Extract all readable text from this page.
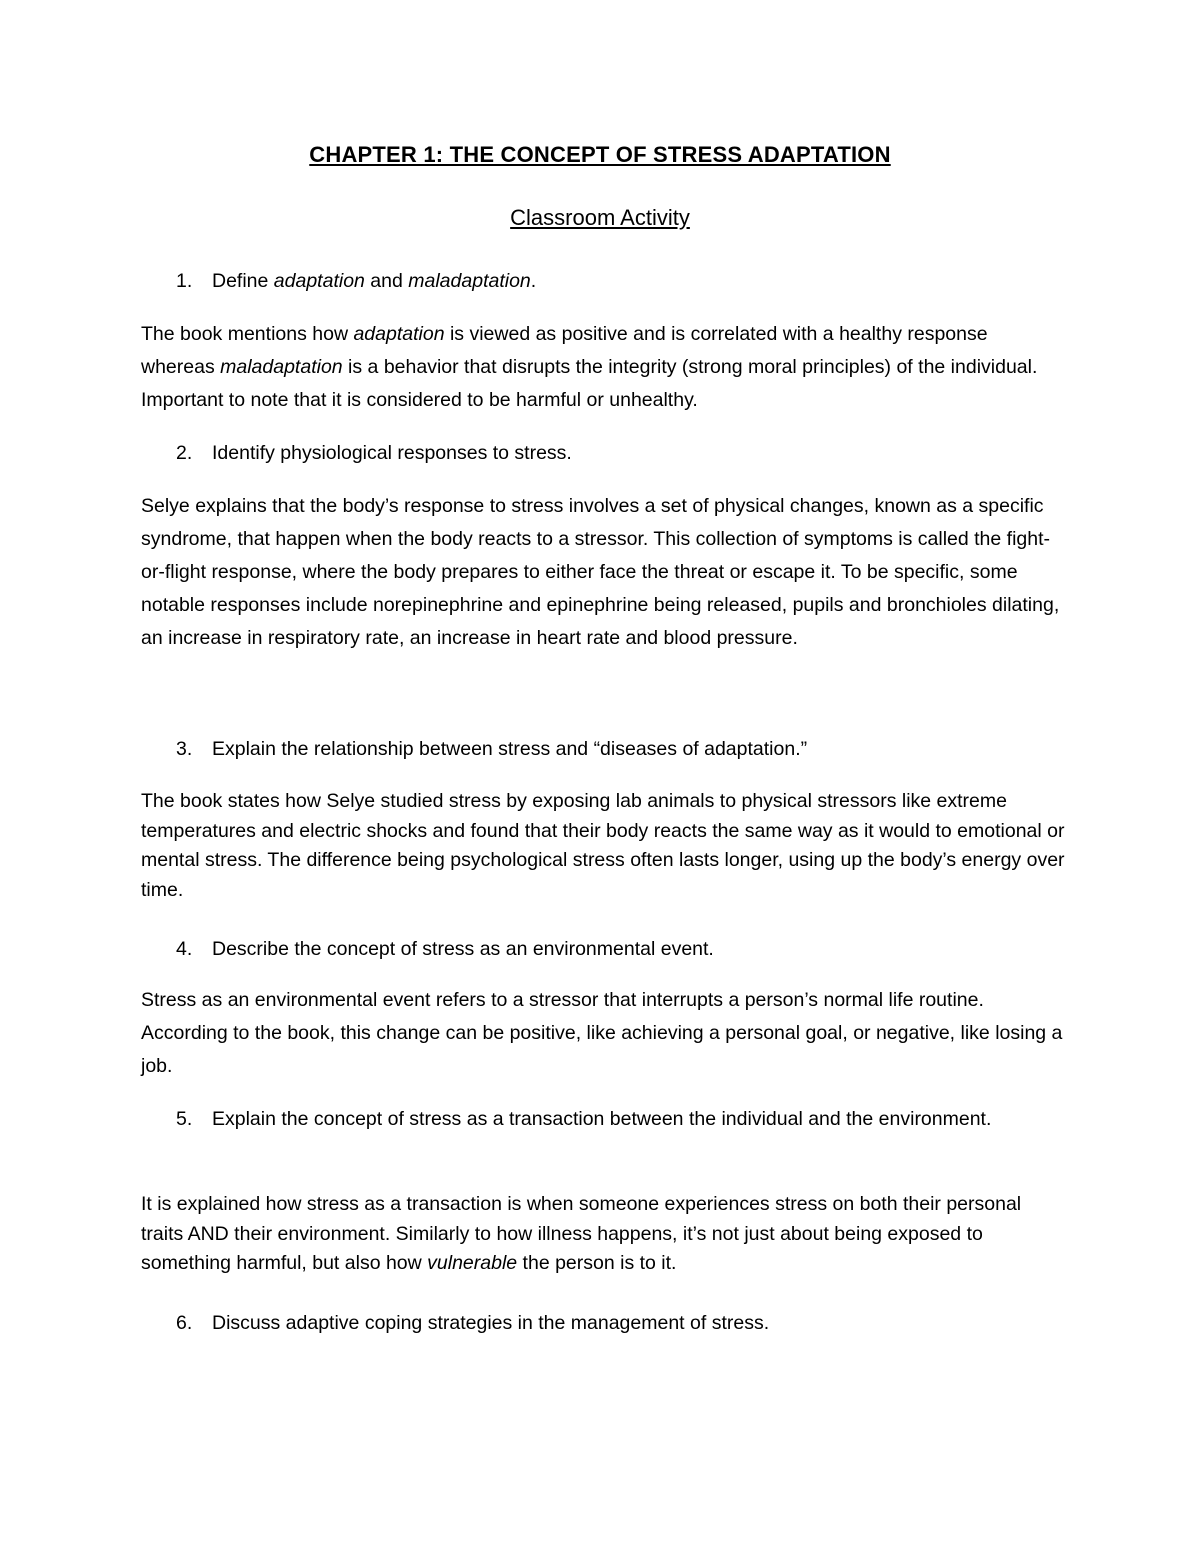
CHAPTER 1: THE CONCEPT OF STRESS ADAPTATION
Classroom Activity
1. Define adaptation and maladaptation.
The book mentions how adaptation is viewed as positive and is correlated with a healthy response whereas maladaptation is a behavior that disrupts the integrity (strong moral principles) of the individual. Important to note that it is considered to be harmful or unhealthy.
2. Identify physiological responses to stress.
Selye explains that the body’s response to stress involves a set of physical changes, known as a specific syndrome, that happen when the body reacts to a stressor. This collection of symptoms is called the fight-or-flight response, where the body prepares to either face the threat or escape it. To be specific, some notable responses include norepinephrine and epinephrine being released, pupils and bronchioles dilating, an increase in respiratory rate, an increase in heart rate and blood pressure.
3. Explain the relationship between stress and “diseases of adaptation.”
The book states how Selye studied stress by exposing lab animals to physical stressors like extreme temperatures and electric shocks and found that their body reacts the same way as it would to emotional or mental stress. The difference being psychological stress often lasts longer, using up the body’s energy over time.
4. Describe the concept of stress as an environmental event.
Stress as an environmental event refers to a stressor that interrupts a person’s normal life routine. According to the book, this change can be positive, like achieving a personal goal, or negative, like losing a job.
5. Explain the concept of stress as a transaction between the individual and the environment.
It is explained how stress as a transaction is when someone experiences stress on both their personal traits AND their environment. Similarly to how illness happens, it’s not just about being exposed to something harmful, but also how vulnerable the person is to it.
6. Discuss adaptive coping strategies in the management of stress.
